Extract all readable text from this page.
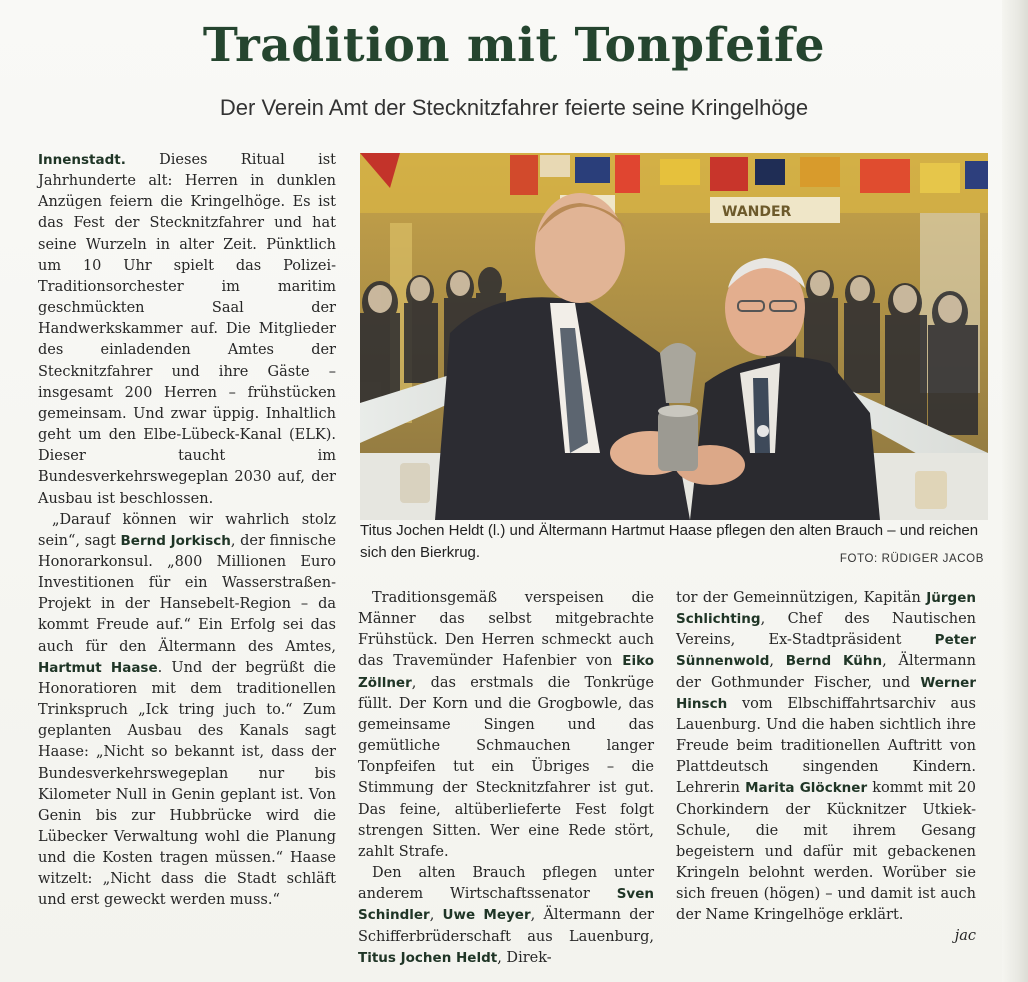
Tradition mit Tonpfeife
Der Verein Amt der Stecknitzfahrer feierte seine Kringelhöge

Innenstadt. Dieses Ritual ist Jahrhunderte alt: Herren in dunklen Anzügen feiern die Kringelhöge. Es ist das Fest der Stecknitzfahrer und hat seine Wurzeln in alter Zeit. Pünktlich um 10 Uhr spielt das Polizei-Traditionsorchester im maritim geschmückten Saal der Handwerkskammer auf. Die Mitglieder des einladenden Amtes der Stecknitzfahrer und ihre Gäste – insgesamt 200 Herren – frühstücken gemeinsam. Und zwar üppig. Inhaltlich geht um den Elbe-Lübeck-Kanal (ELK). Dieser taucht im Bundesverkehrswegeplan 2030 auf, der Ausbau ist beschlossen.

„Darauf können wir wahrlich stolz sein“, sagt Bernd Jorkisch, der finnische Honorarkonsul. „800 Millionen Euro Investitionen für ein Wasserstraßen-Projekt in der Hansebelt-Region – da kommt Freude auf.“ Ein Erfolg sei das auch für den Ältermann des Amtes, Hartmut Haase. Und der begrüßt die Honoratioren mit dem traditionellen Trinkspruch „Ick tring juch to.“ Zum geplanten Ausbau des Kanals sagt Haase: „Nicht so bekannt ist, dass der Bundesverkehrswegeplan nur bis Kilometer Null in Genin geplant ist. Von Genin bis zur Hubbrücke wird die Lübecker Verwaltung wohl die Planung und die Kosten tragen müssen.“ Haase witzelt: „Nicht dass die Stadt schläft und erst geweckt werden muss.“

WANDER
Titus Jochen Heldt (l.) und Ältermann Hartmut Haase pflegen den alten Brauch – und reichen sich den Bierkrug.	FOTO: RÜDIGER JACOB

Traditionsgemäß verspeisen die Männer das selbst mitgebrachte Frühstück. Den Herren schmeckt auch das Travemünder Hafenbier von Eiko Zöllner, das erstmals die Tonkrüge füllt. Der Korn und die Grogbowle, das gemeinsame Singen und das gemütliche Schmauchen langer Tonpfeifen tut ein Übriges – die Stimmung der Stecknitzfahrer ist gut. Das feine, altüberlieferte Fest folgt strengen Sitten. Wer eine Rede stört, zahlt Strafe.

Den alten Brauch pflegen unter anderem Wirtschaftssenator Sven Schindler, Uwe Meyer, Ältermann der Schifferbrüderschaft aus Lauenburg, Titus Jochen Heldt, Direk-

tor der Gemeinnützigen, Kapitän Jürgen Schlichting, Chef des Nautischen Vereins, Ex-Stadtpräsident Peter Sünnenwold, Bernd Kühn, Ältermann der Gothmunder Fischer, und Werner Hinsch vom Elbschiffahrtsarchiv aus Lauenburg. Und die haben sichtlich ihre Freude beim traditionellen Auftritt von Plattdeutsch singenden Kindern. Lehrerin Marita Glöckner kommt mit 20 Chorkindern der Kücknitzer Utkiek-Schule, die mit ihrem Gesang begeistern und dafür mit gebackenen Kringeln belohnt werden. Worüber sie sich freuen (högen) – und damit ist auch der Name Kringelhöge erklärt.

jac
